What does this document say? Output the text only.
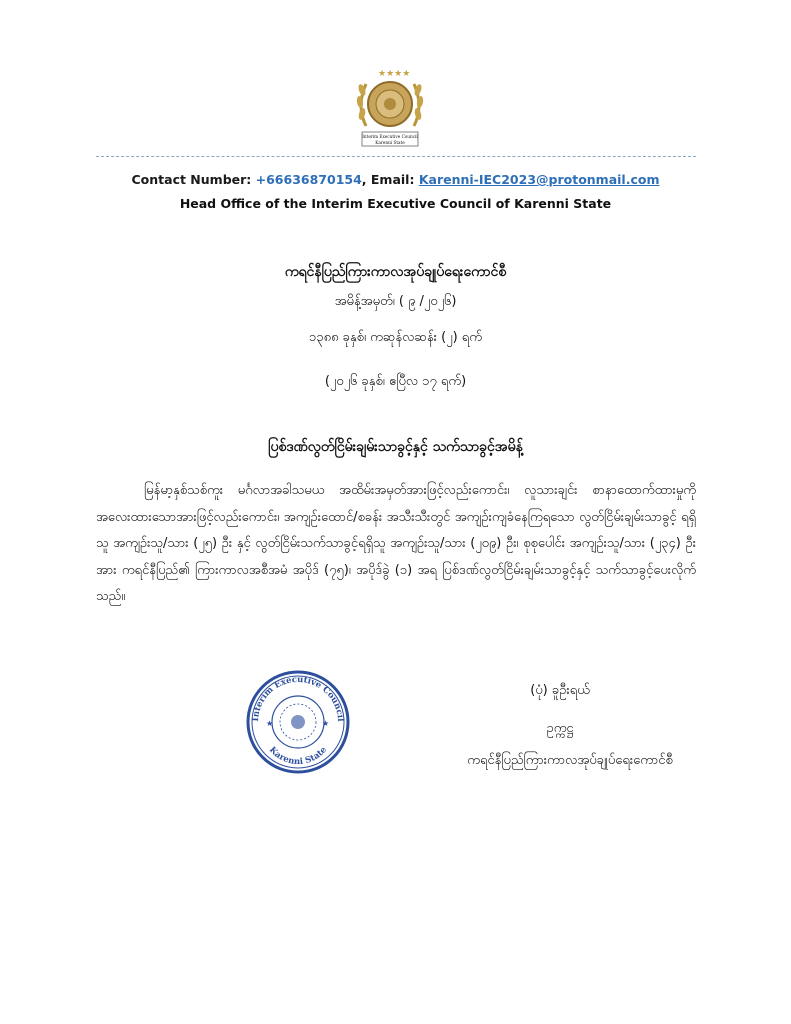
★★★★
Interim Executive Council
Karenni State
Contact Number: +66636870154, Email: Karenni-IEC2023@protonmail.com
Head Office of the Interim Executive Council of Karenni State
ကရင်နီပြည်ကြားကာလအုပ်ချုပ်ရေးကောင်စီ
အမိန့်အမှတ်၊ ( ၉ /၂၀၂၆)
၁၃၈၈ ခုနှစ်၊ ကဆုန်လဆန်း (၂) ရက်
(၂၀၂၆ ခုနှစ်၊ ဧပြီလ ၁၇ ရက်)
ပြစ်ဒဏ်လွတ်ငြိမ်းချမ်းသာခွင့်နှင့် သက်သာခွင့်အမိန့်
မြန်မာ့နှစ်သစ်ကူး မင်္ဂလာအခါသမယ အထိမ်းအမှတ်အားဖြင့်လည်းကောင်း၊ လူသားချင်း စာနာထောက်ထားမှုကို အလေးထားသောအားဖြင့်လည်းကောင်း၊ အကျဉ်းထောင်/စခန်း အသီးသီးတွင် အကျဉ်းကျခံနေကြရသော လွတ်ငြိမ်းချမ်းသာခွင့် ရရှိသူ အကျဉ်းသူ/သား (၂၅) ဦး နှင့် လွတ်ငြိမ်းသက်သာခွင့်ရရှိသူ အကျဉ်းသူ/သား (၂၀၉) ဦး၊ စုစုပေါင်း အကျဉ်းသူ/သား (၂၃၄) ဦးအား ကရင်နီပြည်၏ ကြားကာလအစီအမံ အပိုဒ် (၇၅)၊ အပိုဒ်ခွဲ (၁) အရ ပြစ်ဒဏ်လွတ်ငြိမ်းချမ်းသာခွင့်နှင့် သက်သာခွင့်ပေးလိုက်သည်။
Interim Executive Council
Karenni State
★	★
(ပုံ) ခူဦးရယ်
ဥက္ကဋ္ဌ
ကရင်နီပြည်ကြားကာလအုပ်ချုပ်ရေးကောင်စီ
